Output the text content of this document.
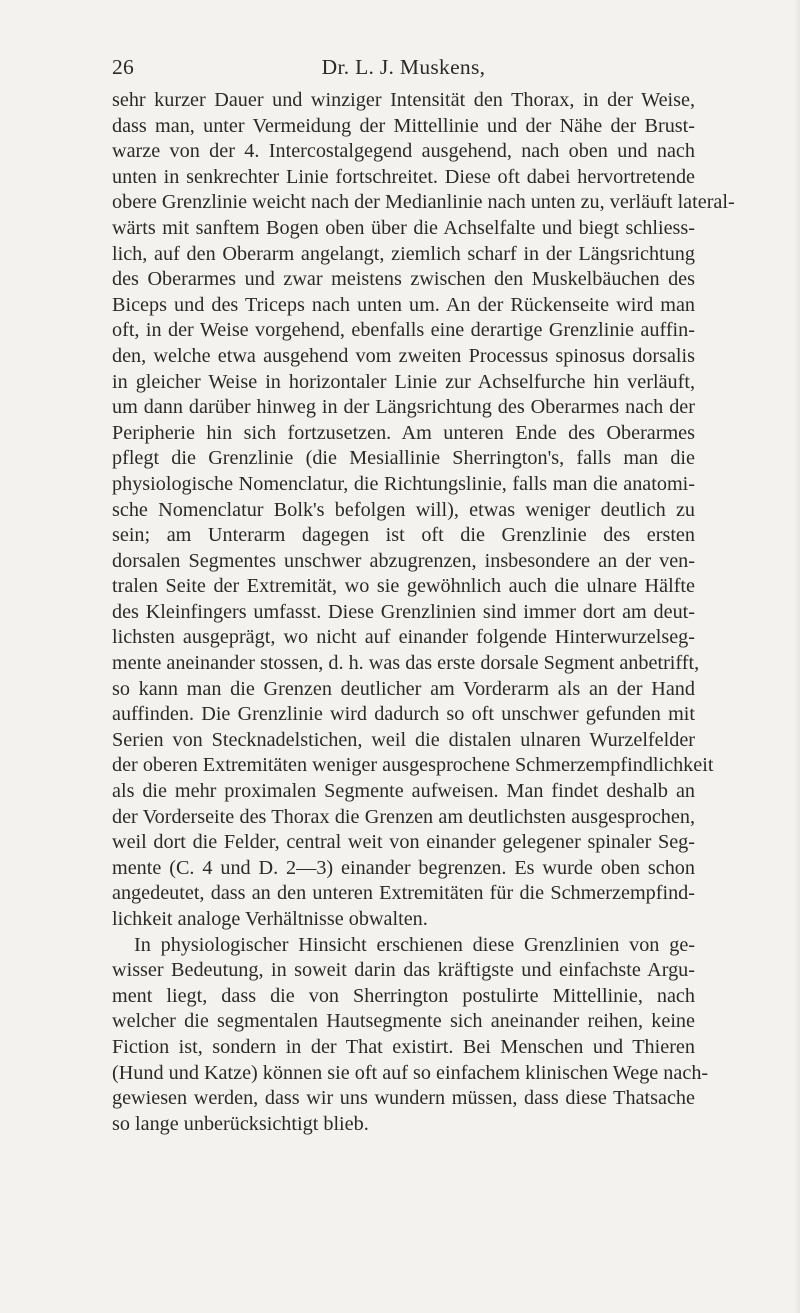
26	Dr. L. J. Muskens,
sehr kurzer Dauer und winziger Intensität den Thorax, in der Weise,
dass man, unter Vermeidung der Mittellinie und der Nähe der Brust-
warze von der 4. Intercostalgegend ausgehend, nach oben und nach
unten in senkrechter Linie fortschreitet. Diese oft dabei hervortretende
obere Grenzlinie weicht nach der Medianlinie nach unten zu, verläuft lateral-
wärts mit sanftem Bogen oben über die Achselfalte und biegt schliess-
lich, auf den Oberarm angelangt, ziemlich scharf in der Längsrichtung
des Oberarmes und zwar meistens zwischen den Muskelbäuchen des
Biceps und des Triceps nach unten um. An der Rückenseite wird man
oft, in der Weise vorgehend, ebenfalls eine derartige Grenzlinie auffin-
den, welche etwa ausgehend vom zweiten Processus spinosus dorsalis
in gleicher Weise in horizontaler Linie zur Achselfurche hin verläuft,
um dann darüber hinweg in der Längsrichtung des Oberarmes nach der
Peripherie hin sich fortzusetzen. Am unteren Ende des Oberarmes
pflegt die Grenzlinie (die Mesiallinie Sherrington's, falls man die
physiologische Nomenclatur, die Richtungslinie, falls man die anatomi-
sche Nomenclatur Bolk's befolgen will), etwas weniger deutlich zu
sein; am Unterarm dagegen ist oft die Grenzlinie des ersten
dorsalen Segmentes unschwer abzugrenzen, insbesondere an der ven-
tralen Seite der Extremität, wo sie gewöhnlich auch die ulnare Hälfte
des Kleinfingers umfasst. Diese Grenzlinien sind immer dort am deut-
lichsten ausgeprägt, wo nicht auf einander folgende Hinterwurzelseg-
mente aneinander stossen, d. h. was das erste dorsale Segment anbetrifft,
so kann man die Grenzen deutlicher am Vorderarm als an der Hand
auffinden. Die Grenzlinie wird dadurch so oft unschwer gefunden mit
Serien von Stecknadelstichen, weil die distalen ulnaren Wurzelfelder
der oberen Extremitäten weniger ausgesprochene Schmerzempfindlichkeit
als die mehr proximalen Segmente aufweisen. Man findet deshalb an
der Vorderseite des Thorax die Grenzen am deutlichsten ausgesprochen,
weil dort die Felder, central weit von einander gelegener spinaler Seg-
mente (C. 4 und D. 2—3) einander begrenzen. Es wurde oben schon
angedeutet, dass an den unteren Extremitäten für die Schmerzempfind-
lichkeit analoge Verhältnisse obwalten.
In physiologischer Hinsicht erschienen diese Grenzlinien von ge-
wisser Bedeutung, in soweit darin das kräftigste und einfachste Argu-
ment liegt, dass die von Sherrington postulirte Mittellinie, nach
welcher die segmentalen Hautsegmente sich aneinander reihen, keine
Fiction ist, sondern in der That existirt. Bei Menschen und Thieren
(Hund und Katze) können sie oft auf so einfachem klinischen Wege nach-
gewiesen werden, dass wir uns wundern müssen, dass diese Thatsache
so lange unberücksichtigt blieb.
